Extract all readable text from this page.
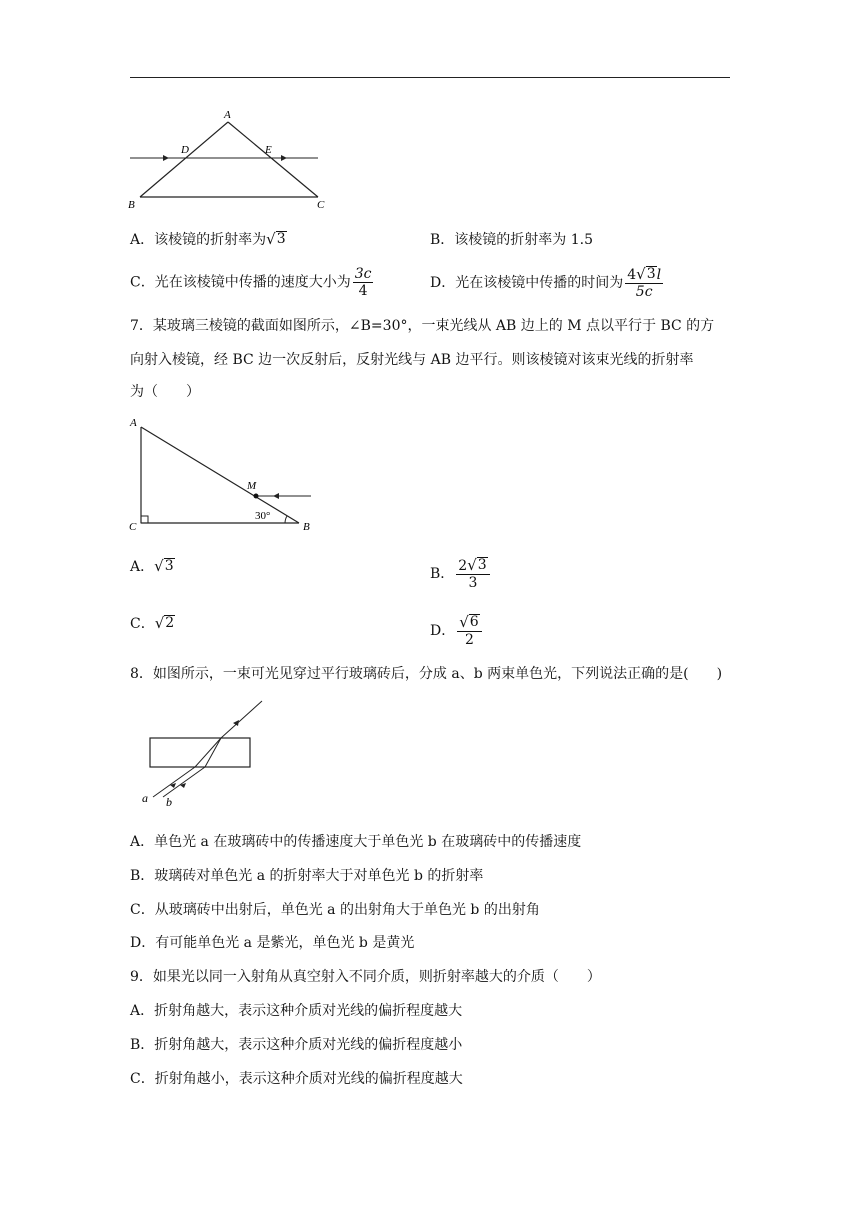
A
D	E
B	C
A．该棱镜的折射率为 √ 3	B．该棱镜的折射率为 1.5
C．光在该棱镜中传播的速度大小为 $\frac{3c}{4}$	D．光在该棱镜中传播的时间为 $\frac{4 √ 3 l}{5c}$
7．某玻璃三棱镜的截面如图所示，∠B=30°，一束光线从 AB 边上的 M 点以平行于 BC 的方
向射入棱镜，经 BC 边一次反射后，反射光线与 AB 边平行。则该棱镜对该束光线的折射率
为（　　）
A
C	B
M
30°
A． √ 3	B． $\frac{2 √ 3}{3}$
C． √ 2	D． $\frac{√ 6}{2}$
8．如图所示，一束可光见穿过平行玻璃砖后，分成 a、b 两束单色光，下列说法正确的是(　　)
a b
A．单色光 a 在玻璃砖中的传播速度大于单色光 b 在玻璃砖中的传播速度
B．玻璃砖对单色光 a 的折射率大于对单色光 b 的折射率
C．从玻璃砖中出射后，单色光 a 的出射角大于单色光 b 的出射角
D．有可能单色光 a 是紫光，单色光 b 是黄光
9．如果光以同一入射角从真空射入不同介质，则折射率越大的介质（　　）
A．折射角越大，表示这种介质对光线的偏折程度越大
B．折射角越大，表示这种介质对光线的偏折程度越小
C．折射角越小，表示这种介质对光线的偏折程度越大
